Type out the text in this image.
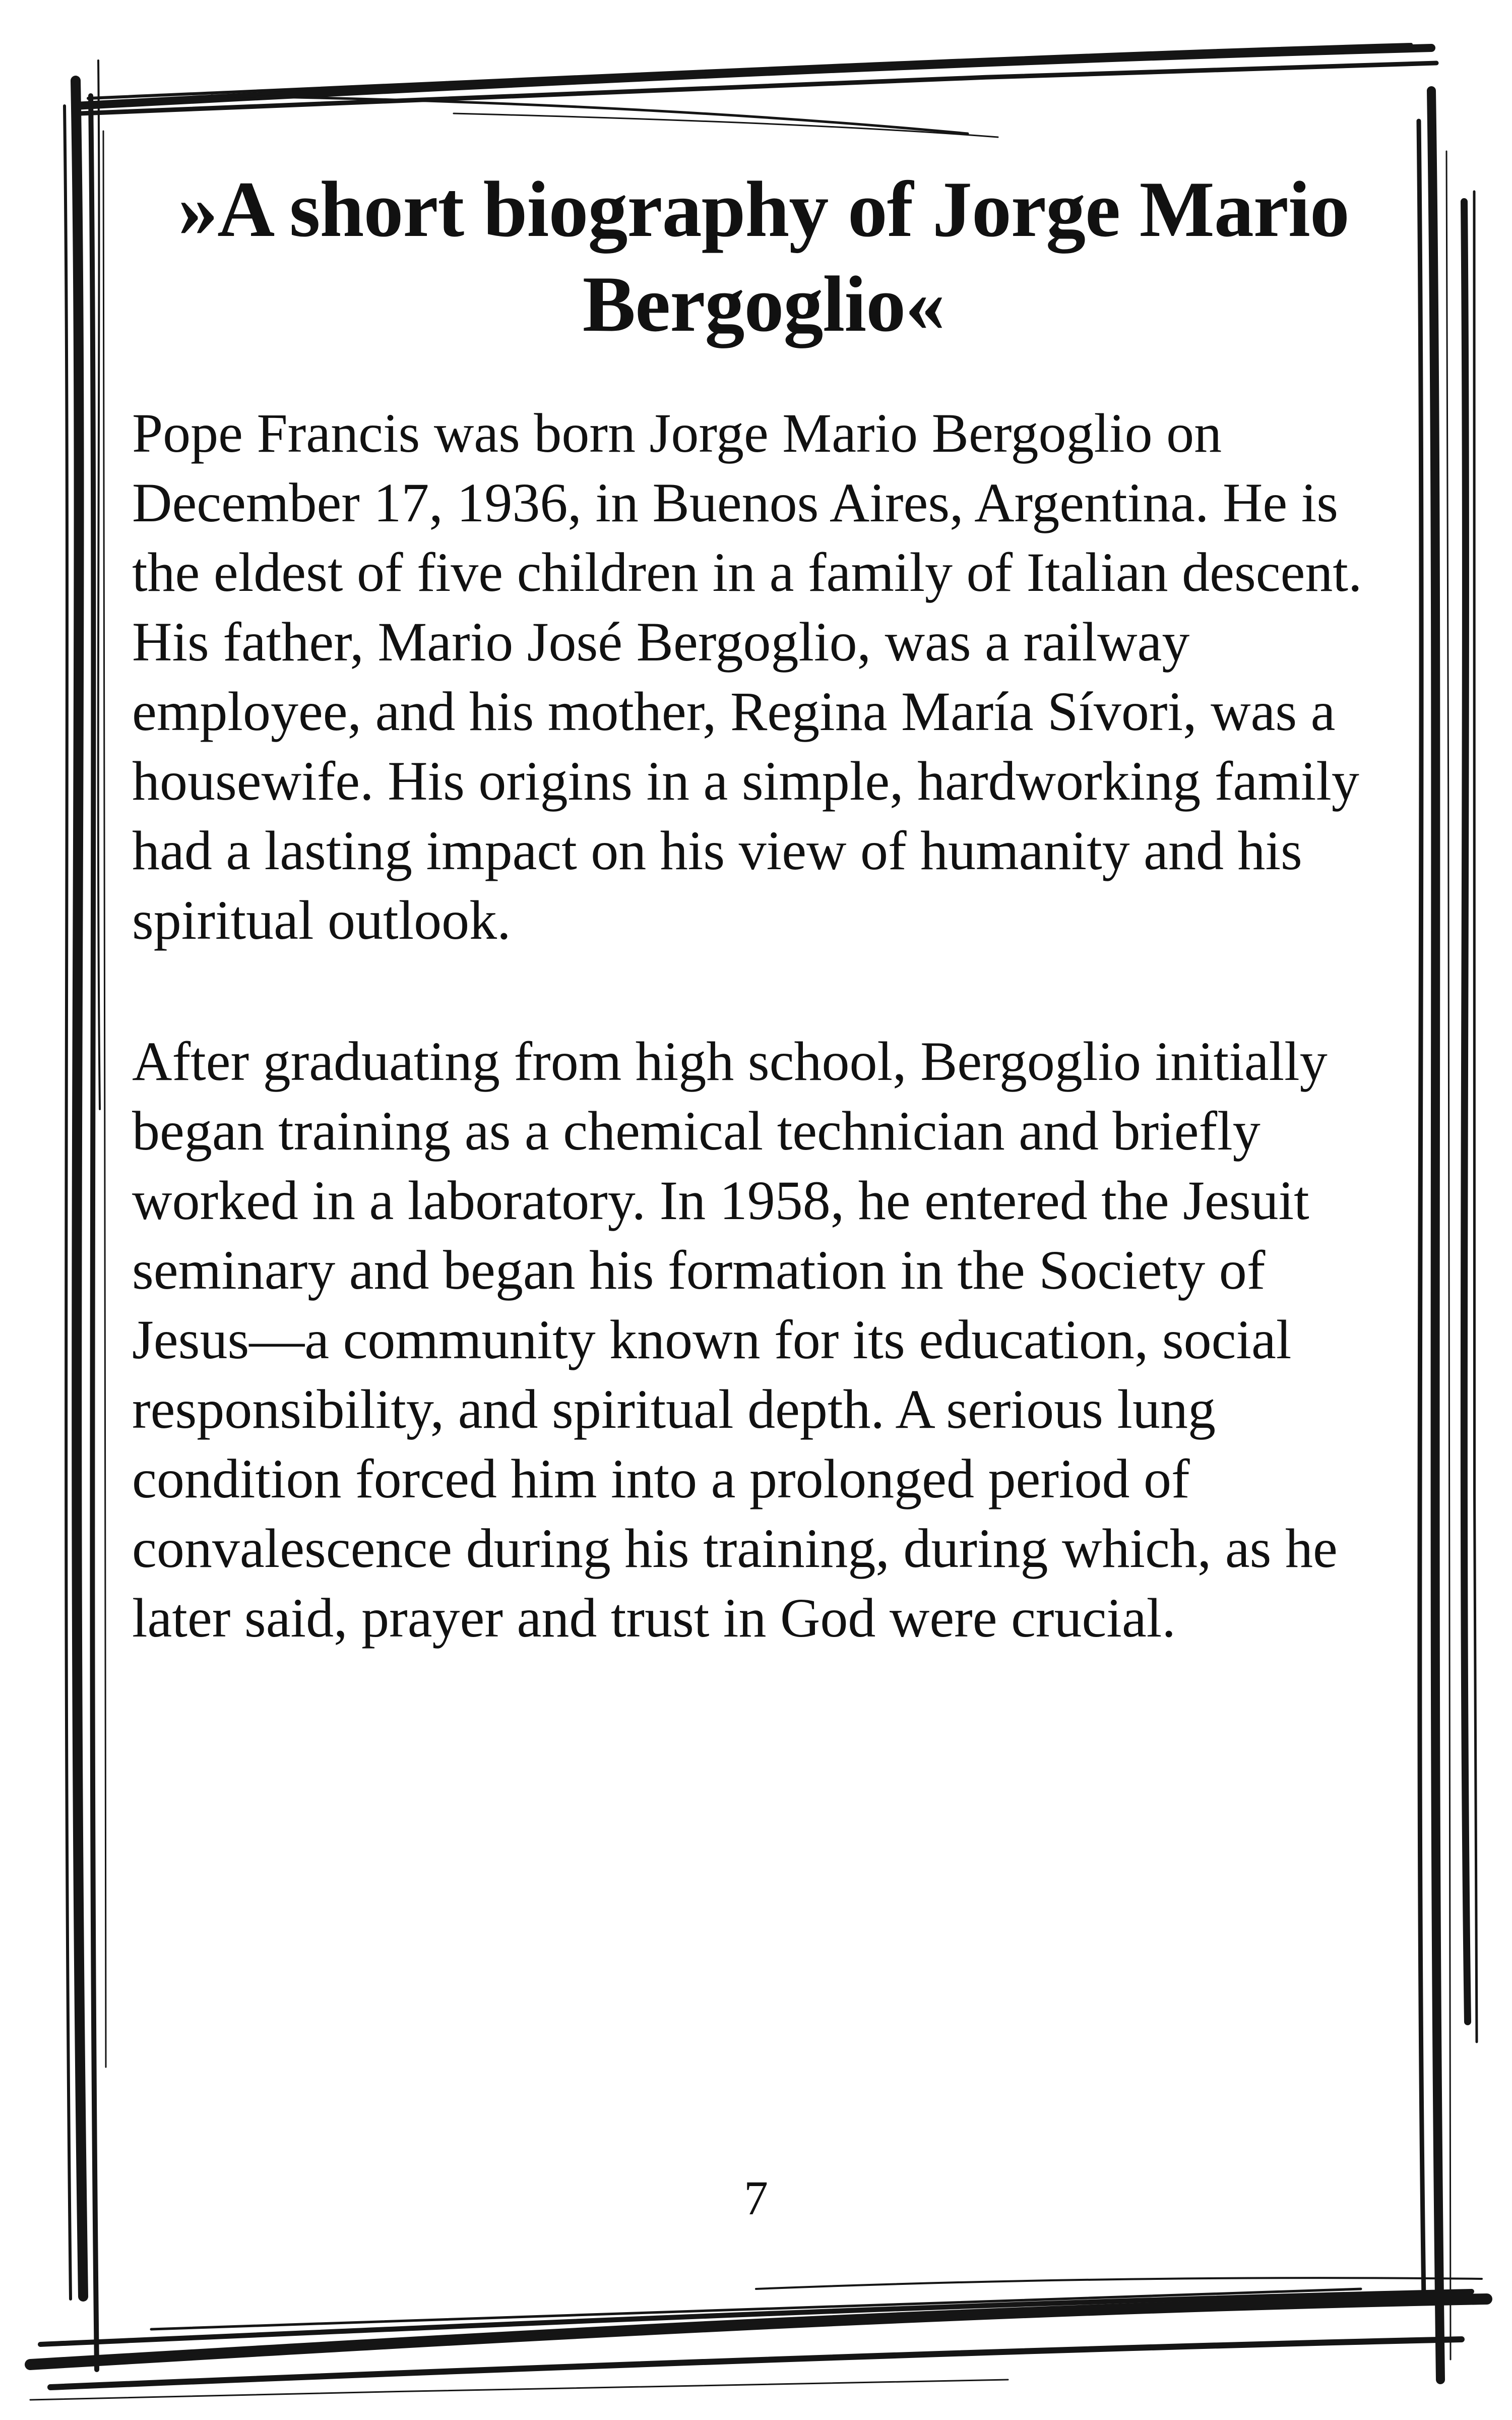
»A short biography of Jorge Mario Bergoglio«

Pope Francis was born Jorge Mario Bergoglio on December 17, 1936, in Buenos Aires, Argentina. He is the eldest of five children in a family of Italian descent. His father, Mario José Bergoglio, was a railway employee, and his mother, Regina María Sívori, was a housewife. His origins in a simple, hardworking family had a lasting impact on his view of humanity and his spiritual outlook.

After graduating from high school, Bergoglio initially began training as a chemical technician and briefly worked in a laboratory. In 1958, he entered the Jesuit seminary and began his formation in the Society of Jesus—a community known for its education, social responsibility, and spiritual depth. A serious lung condition forced him into a prolonged period of convalescence during his training, during which, as he later said, prayer and trust in God were crucial.

7
